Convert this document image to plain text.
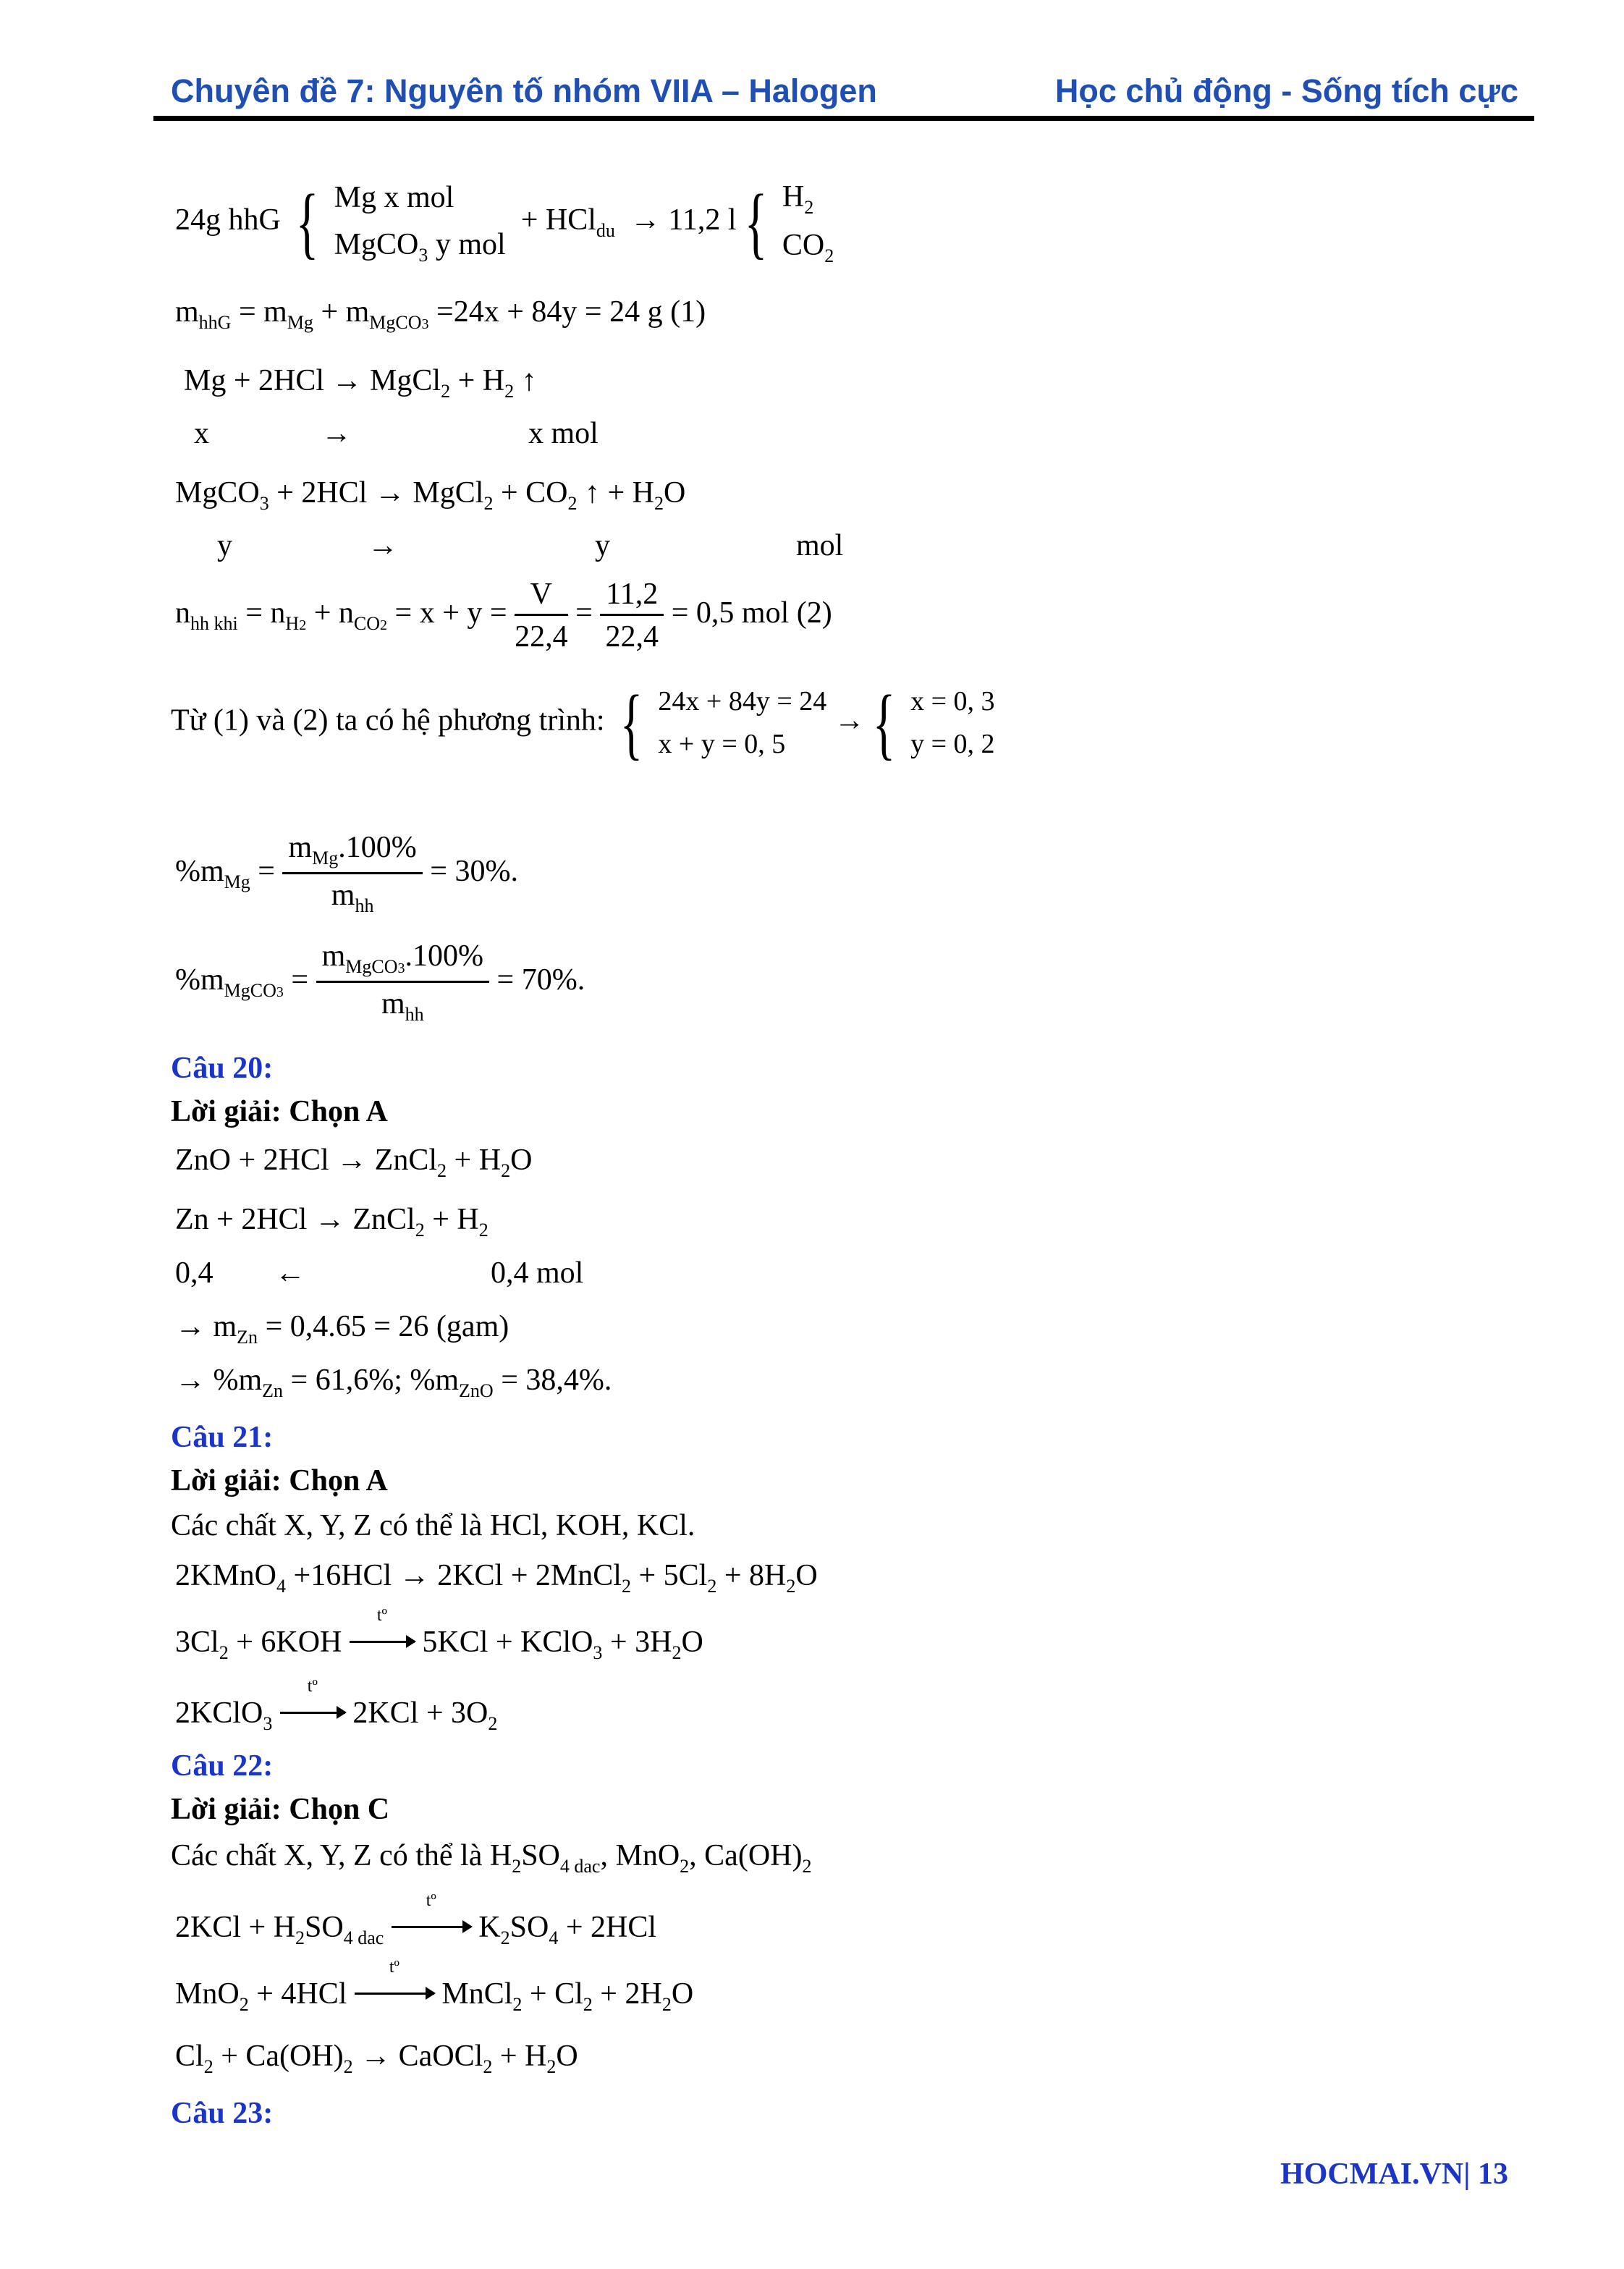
Chuyên đề 7: Nguyên tố nhóm VIIA – Halogen	Học chủ động - Sống tích cực
24g hhG { Mg x mol
MgCO$_3$ y mol
+ HCl$_{du}$ → 11,2 l{ $H_2$
$CO_2$
$m_{hhG} = m_{Mg} + m_{MgCO3} =24x + 84y = 24$ g (1)
Mg + 2HCl → MgCl$_2$ + $H_2$ ↑
x	→	x mol
MgCO$_3$ + 2HCl → MgCl$_2$ + $CO_2$ ↑ + $H_2O$
y	→	y	mol
$n_{hh khi} = n_{H2} + n_{CO2} = x + y = \frac{V}{22,4} = \frac{11,2}{22,4} = 0,5$ mol (2)
Từ (1) và (2) ta có hệ phương trình: { 24x + 84y = 24
x + y = 0, 5
→{ x = 0, 3
y = 0, 2
$\%m_{Mg} = \frac{m_{Mg}.100\%}{m_{hh}} = 30\%$.
$\%m_{MgCO3} = \frac{m_{MgCO3}.100\%}{m_{hh}} = 70\%$.
Câu 20:
Lời giải: Chọn A
ZnO + 2HCl → ZnCl$_2$ + $H_2O$
Zn + 2HCl → ZnCl$_2$ + $H_2$
0,4 ←	0,4 mol
→ $m_{Zn} = 0,4.65 = 26$ (gam)
→ $\%m_{Zn} = 61,6\%$; $\%m_{ZnO} = 38,4\%$.
Câu 21:
Lời giải: Chọn A
Các chất X, Y, Z có thể là HCl, KOH, KCl.
2KMnO$_4$ +16HCl → 2KCl + 2MnCl$_2$ + $5Cl_2 + 8H_2O$
$3Cl_2 + 6KOH$
tº
5KCl + KClO$_3$ + $3H_2O$
2KClO$_3$
tº
$2KCl + 3O_2$
Câu 22:
Lời giải: Chọn C
Các chất X, Y, Z có thể là $H_2SO_{4 dac}$, MnO$_2$, $Ca(OH)_2$
$2KCl + H_2SO_{4 dac}$
tº
$K_2SO_4 + 2HCl$
MnO$_2$ + 4HCl
tº
MnCl$_2$ + $Cl_2 + 2H_2O$
$Cl_2 + Ca(OH)_2$ → CaOCl$_2$ + $H_2O$
Câu 23:
HOCMAI.VN| 13
